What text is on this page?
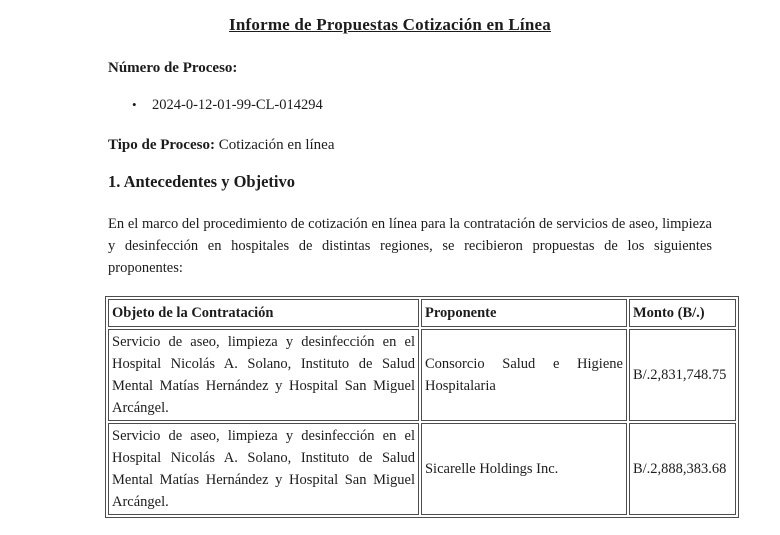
Informe de Propuestas Cotización en Línea
Número de Proceso:
• 2024-0-12-01-99-CL-014294
Tipo de Proceso: Cotización en línea
1. Antecedentes y Objetivo
En el marco del procedimiento de cotización en línea para la contratación de servicios de aseo, limpieza y desinfección en hospitales de distintas regiones, se recibieron propuestas de los siguientes proponentes:
Objeto de la Contratación	Proponente	Monto (B/.)
Servicio de aseo, limpieza y desinfección en el Hospital Nicolás A. Solano, Instituto de Salud Mental Matías Hernández y Hospital San Miguel Arcángel.	Consorcio Salud e Higiene Hospitalaria	B/.2,831,748.75
Servicio de aseo, limpieza y desinfección en el Hospital Nicolás A. Solano, Instituto de Salud Mental Matías Hernández y Hospital San Miguel Arcángel.	Sicarelle Holdings Inc.	B/.2,888,383.68
